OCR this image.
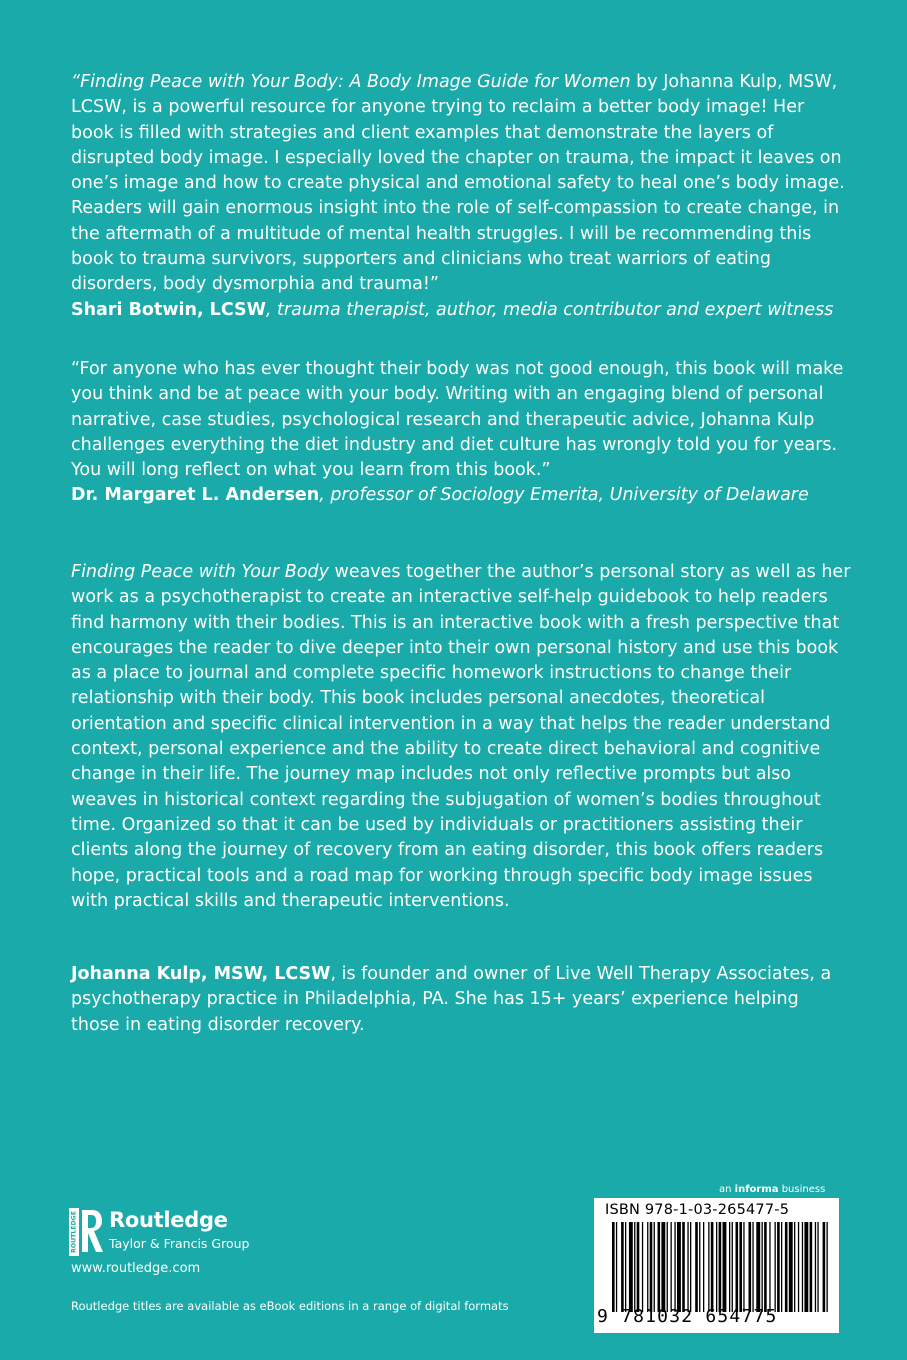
“Finding Peace with Your Body: A Body Image Guide for Women by Johanna Kulp, MSW, LCSW, is a powerful resource for anyone trying to reclaim a better body image! Her book is filled with strategies and client examples that demonstrate the layers of disrupted body image. I especially loved the chapter on trauma, the impact it leaves on one’s image and how to create physical and emotional safety to heal one’s body image. Readers will gain enormous insight into the role of self-compassion to create change, in the aftermath of a multitude of mental health struggles. I will be recommending this book to trauma survivors, supporters and clinicians who treat warriors of eating disorders, body dysmorphia and trauma!”

Shari Botwin, LCSW, trauma therapist, author, media contributor and expert witness

“For anyone who has ever thought their body was not good enough, this book will make you think and be at peace with your body. Writing with an engaging blend of personal narrative, case studies, psychological research and therapeutic advice, Johanna Kulp challenges everything the diet industry and diet culture has wrongly told you for years. You will long reflect on what you learn from this book.”

Dr. Margaret L. Andersen, professor of Sociology Emerita, University of Delaware

Finding Peace with Your Body weaves together the author’s personal story as well as her work as a psychotherapist to create an interactive self-help guidebook to help readers find harmony with their bodies. This is an interactive book with a fresh perspective that encourages the reader to dive deeper into their own personal history and use this book as a place to journal and complete specific homework instructions to change their relationship with their body. This book includes personal anecdotes, theoretical orientation and specific clinical intervention in a way that helps the reader understand context, personal experience and the ability to create direct behavioral and cognitive change in their life. The journey map includes not only reflective prompts but also weaves in historical context regarding the subjugation of women’s bodies throughout time. Organized so that it can be used by individuals or practitioners assisting their clients along the journey of recovery from an eating disorder, this book offers readers hope, practical tools and a road map for working through specific body image issues with practical skills and therapeutic interventions.

Johanna Kulp, MSW, LCSW, is founder and owner of Live Well Therapy Associates, a psychotherapy practice in Philadelphia, PA. She has 15+ years’ experience helping those in eating disorder recovery.

ROUTLEDGE Routledge
Taylor & Francis Group
www.routledge.com
Routledge titles are available as eBook editions in a range of digital formats
an informa business
ISBN 978-1-03-265477-5
9 781032 654775
